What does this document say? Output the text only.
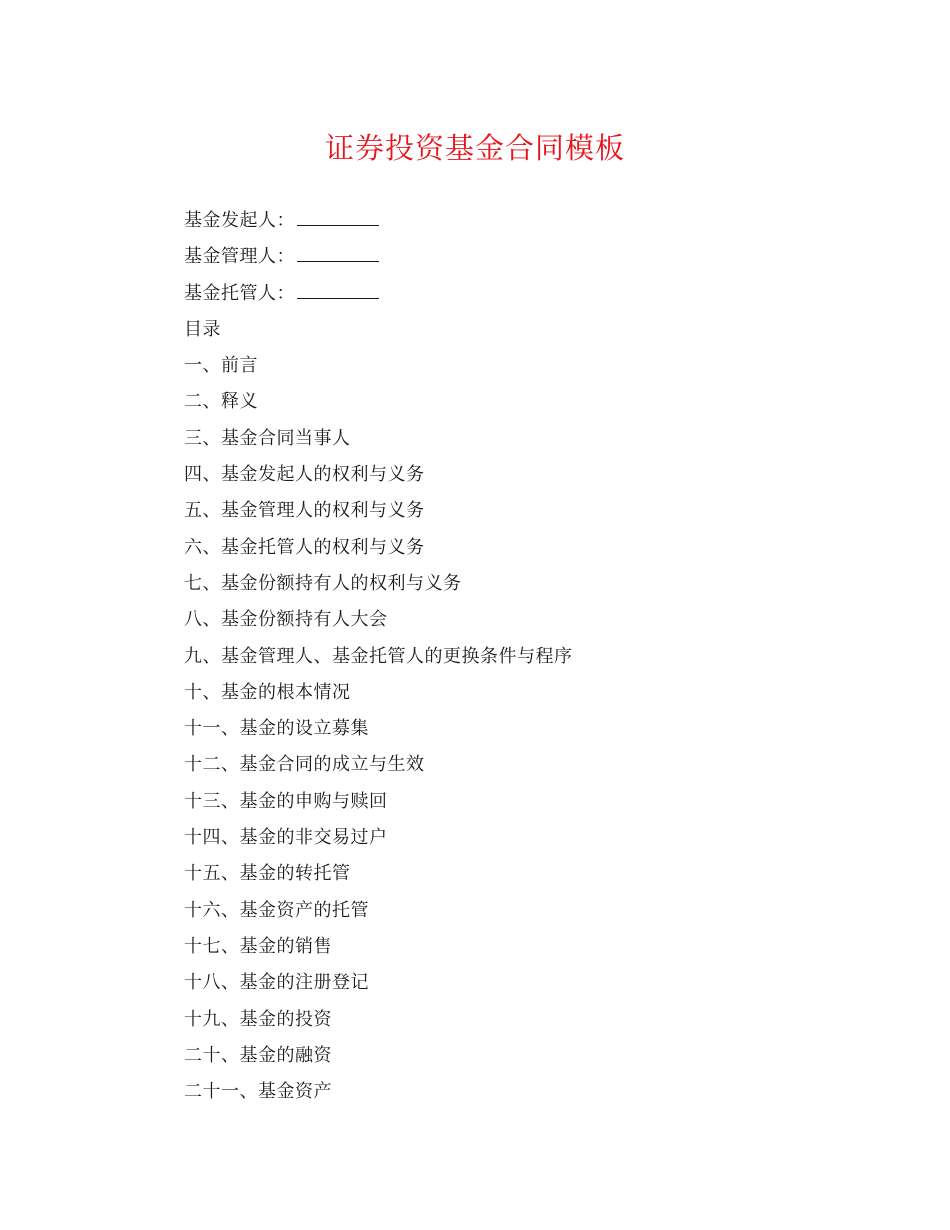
证券投资基金合同模板
基金发起人：
基金管理人：
基金托管人：
目录
一、前言
二、释义
三、基金合同当事人
四、基金发起人的权利与义务
五、基金管理人的权利与义务
六、基金托管人的权利与义务
七、基金份额持有人的权利与义务
八、基金份额持有人大会
九、基金管理人、基金托管人的更换条件与程序
十、基金的根本情况
十一、基金的设立募集
十二、基金合同的成立与生效
十三、基金的申购与赎回
十四、基金的非交易过户
十五、基金的转托管
十六、基金资产的托管
十七、基金的销售
十八、基金的注册登记
十九、基金的投资
二十、基金的融资
二十一、基金资产
